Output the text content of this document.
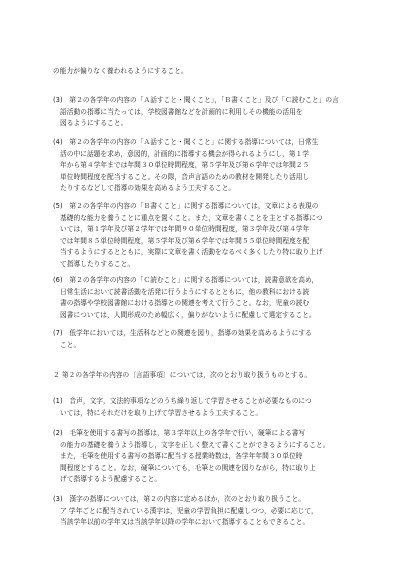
の能力が偏りなく養われるようにすること。
(3)　第２の各学年の内容の「Ａ話すこと・聞くこと」，「Ｂ書くこと」及び「Ｃ読むこと」の言
語活動の指導に当たっては，学校図書館などを計画的に利用しその機能の活用を
図るようにすること。
(4)　第２の各学年の内容の「Ａ話すこと・聞くこと」に関する指導については，日常生
活の中に話題を求め，意図的，計画的に指導する機会が得られるようにし，第１学
年から第４学年までは年間３０単位時間程度，第５学年及び第６学年では年間２５
単位時間程度を配当すること。その際，音声言語のための教材を開発したり活用し
たりするなどして指導の効果を高めるよう工夫すること。
(5)　第２の各学年の内容の「Ｂ書くこと」に関する指導については，文章による表現の
基礎的な能力を養うことに重点を置くこと。また，文章を書くことを主とする指導につ
いては，第１学年及び第２学年では年間９０単位時間程度，第３学年及び第４学年
では年間８５単位時間程度，第５学年及び第６学年では年間５５単位時間程度を配
当するようにするとともに，実際に文章を書く活動をなるべく多くしたり特に取り上げ
て指導したりすること。
(6)　第２の各学年の内容の「Ｃ読むこと」に関する指導については，読書意欲を高め，
日常生活において読書活動を活発に行うようにするとともに，他の教科における読
書の指導や学校図書館における指導との関連を考えて行うこと。なお，児童の読む
図書については，人間形成のため幅広く，偏りがないように配慮して選定すること。
(7)　低学年においては，生活科などとの関連を図り，指導の効果を高めるようにする
こと。
２ 第２の各学年の内容の〔言語事項〕については，次のとおり取り扱うものとする。
(1)　音声，文字，文法的事項などのうち繰り返して学習させることが必要なものにつ
いては，特にそれだけを取り上げて学習させるよう工夫すること。
(2)　毛筆を使用する書写の指導は，第３学年以上の各学年で行い，硬筆による書写
の能力の基礎を養うよう指導し，文字を正しく整えて書くことができるようにすること。
また，毛筆を使用する書写の指導に配当する授業時数は，各学年年間３０単位時
間程度とすること。なお，硬筆についても，毛筆との関連を図りながら，特に取り上
げて指導するよう配慮すること。
(3)　漢字の指導については，第２の内容に定めるほか，次のとおり取り扱うこと。
ア 学年ごとに配当されている漢字は，児童の学習負担に配慮しつつ，必要に応じて，
当該学年以前の学年又は当該学年以降の学年において指導することもできること。
